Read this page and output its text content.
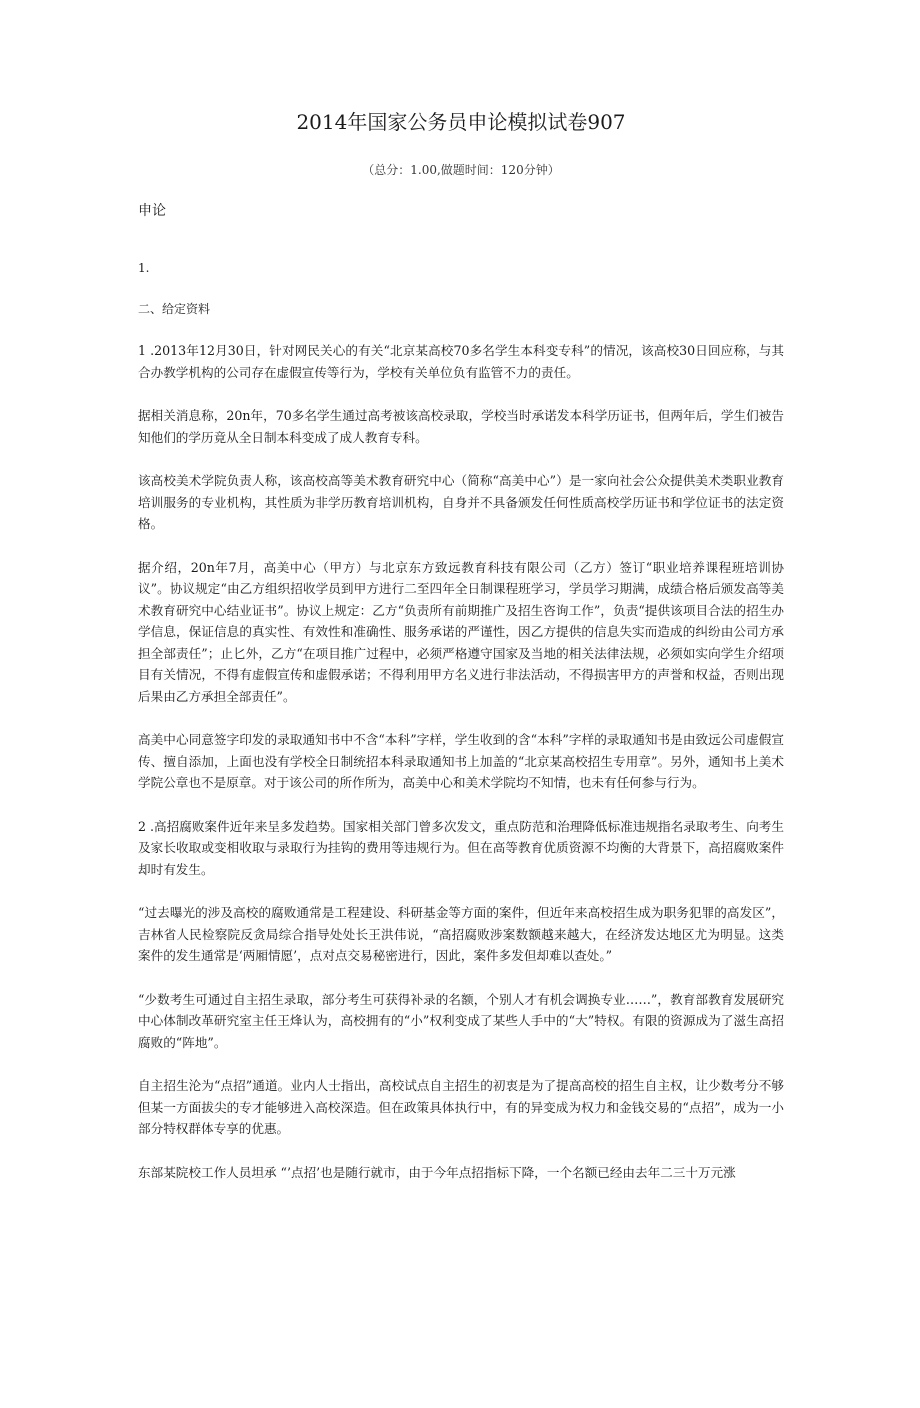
2014年国家公务员申论模拟试卷907
（总分：1.00,做题时间：120分钟）
申论
1.
二、给定资料

1 .2013年12月30日，针对网民关心的有关“北京某高校70多名学生本科变专科”的情况，该高校30日回应称，与其合办教学机构的公司存在虚假宣传等行为，学校有关单位负有监管不力的责任。

据相关消息称，20n年，70多名学生通过高考被该高校录取，学校当时承诺发本科学历证书，但两年后，学生们被告知他们的学历竟从全日制本科变成了成人教育专科。

该高校美术学院负责人称，该高校高等美术教育研究中心（简称“高美中心”）是一家向社会公众提供美术类职业教育培训服务的专业机构，其性质为非学历教育培训机构，自身并不具备颁发任何性质高校学历证书和学位证书的法定资格。

据介绍，20n年7月，高美中心（甲方）与北京东方致远教育科技有限公司（乙方）签订“职业培养课程班培训协议”。协议规定“由乙方组织招收学员到甲方进行二至四年全日制课程班学习，学员学习期满，成绩合格后颁发高等美术教育研究中心结业证书”。协议上规定：乙方“负责所有前期推广及招生咨询工作”，负责“提供该项目合法的招生办学信息，保证信息的真实性、有效性和准确性、服务承诺的严谨性，因乙方提供的信息失实而造成的纠纷由公司方承担全部责任”；止匕外，乙方“在项目推广过程中，必须严格遵守国家及当地的相关法律法规，必须如实向学生介绍项目有关情况，不得有虚假宣传和虚假承诺；不得利用甲方名义进行非法活动，不得损害甲方的声誉和权益，否则出现后果由乙方承担全部责任”。

高美中心同意签字印发的录取通知书中不含“本科”字样，学生收到的含“本科”字样的录取通知书是由致远公司虚假宣传、擅自添加，上面也没有学校全日制统招本科录取通知书上加盖的“北京某高校招生专用章”。另外，通知书上美术学院公章也不是原章。对于该公司的所作所为，高美中心和美术学院均不知情，也未有任何参与行为。

2 .高招腐败案件近年来呈多发趋势。国家相关部门曾多次发文，重点防范和治理降低标准违规指名录取考生、向考生及家长收取或变相收取与录取行为挂钩的费用等违规行为。但在高等教育优质资源不均衡的大背景下，高招腐败案件却时有发生。

“过去曝光的涉及高校的腐败通常是工程建设、科研基金等方面的案件，但近年来高校招生成为职务犯罪的高发区”，吉林省人民检察院反贪局综合指导处处长王洪伟说，“高招腐败涉案数额越来越大，在经济发达地区尤为明显。这类案件的发生通常是‘两厢情愿’，点对点交易秘密进行，因此，案件多发但却难以查处。”

“少数考生可通过自主招生录取，部分考生可获得补录的名额，个别人才有机会调换专业……”，教育部教育发展研究中心体制改革研究室主任王烽认为，高校拥有的“小”权利变成了某些人手中的“大”特权。有限的资源成为了滋生高招腐败的“阵地”。

自主招生沦为“点招”通道。业内人士指出，高校试点自主招生的初衷是为了提高高校的招生自主权，让少数考分不够但某一方面拔尖的专才能够进入高校深造。但在政策具体执行中，有的异变成为权力和金钱交易的“点招”，成为一小部分特权群体专享的优惠。

东部某院校工作人员坦承 “’点招’也是随行就市，由于今年点招指标下降，一个名额已经由去年二三十万元涨
